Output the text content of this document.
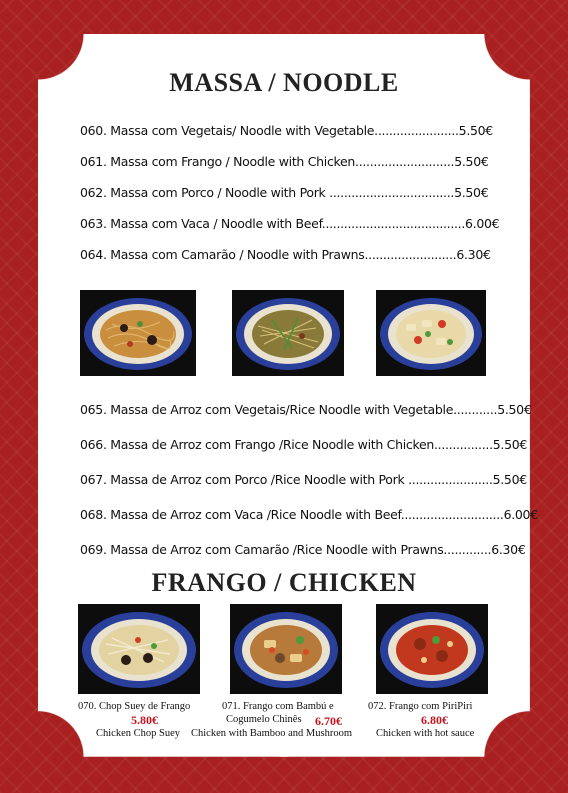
MASSA / NOODLE
060. Massa com Vegetais/ Noodle with Vegetable....................... 5.50€
061. Massa com Frango / Noodle with Chicken........................... 5.50€
062. Massa com Porco / Noodle with Pork .................................. 5.50€
063. Massa com Vaca / Noodle with Beef....................................... 6.00€
064. Massa com Camarão / Noodle with Prawns......................... 6.30€
065. Massa de Arroz com Vegetais/Rice Noodle with Vegetable............ 5.50€
066. Massa de Arroz com Frango /Rice Noodle with Chicken................ 5.50€
067. Massa de Arroz com Porco /Rice Noodle with Pork ....................... 5.50€
068. Massa de Arroz com Vaca /Rice Noodle with Beef............................ 6.00€
069. Massa de Arroz com Camarão /Rice Noodle with Prawns............. 6.30€
FRANGO / CHICKEN
070. Chop Suey de Frango
5.80€
071. Frango com Bambú e
Cogumelo Chinês 6.70€
072. Frango com PiriPiri
6.80€
Chicken Chop Suey Chicken with Bamboo and Mushroom Chicken with hot sauce
